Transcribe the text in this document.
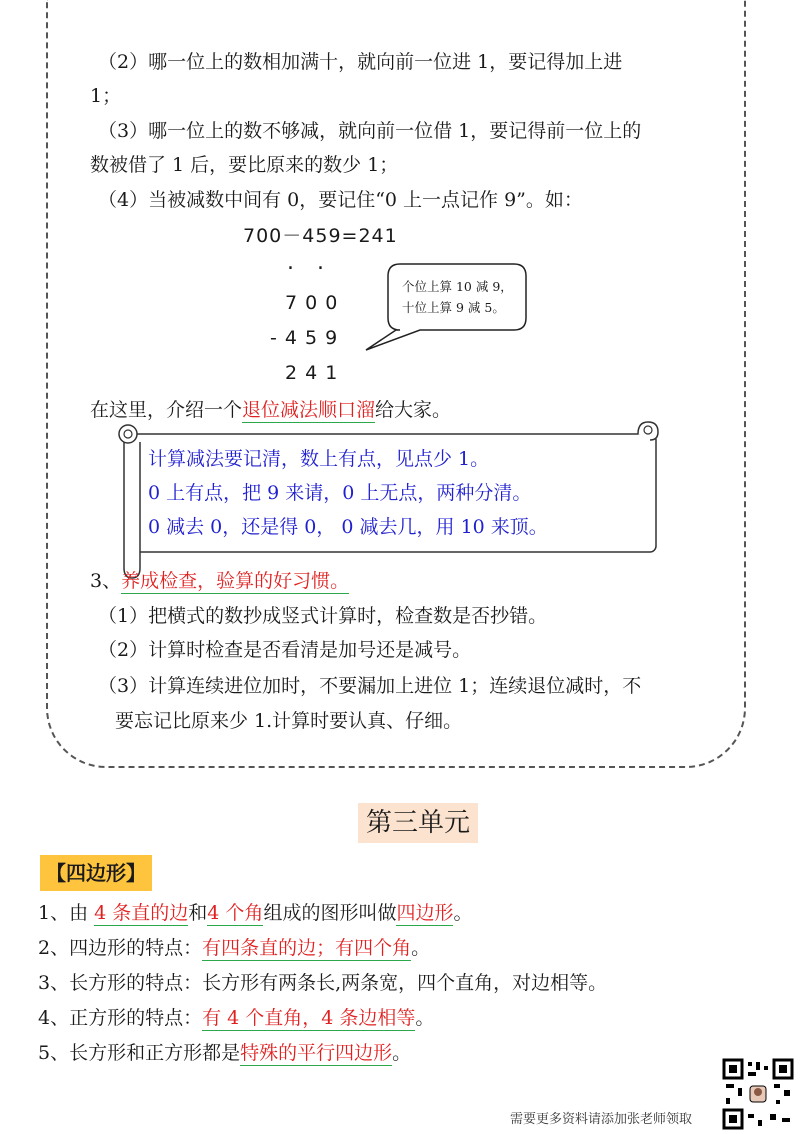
（2）哪一位上的数相加满十，就向前一位进 1，要记得加上进
1；
（3）哪一位上的数不够减，就向前一位借 1，要记得前一位上的
数被借了 1 后，要比原来的数少 1；
（4）当被减数中间有 0，要记住“0 上一点记作 9”。如：
700－459=241
. .
7 0 0
- 4 5 9
2 4 1
个位上算 10 减 9，
十位上算 9 减 5。
在这里，介绍一个退位减法顺口溜给大家。
计算减法要记清，数上有点，见点少 1。
0 上有点，把 9 来请，0 上无点，两种分清。
0 减去 0，还是得 0， 0 减去几，用 10 来顶。
3、养成检查，验算的好习惯。
（1）把横式的数抄成竖式计算时，检查数是否抄错。
（2）计算时检查是否看清是加号还是减号。
（3）计算连续进位加时，不要漏加上进位 1；连续退位减时，不
要忘记比原来少 1.计算时要认真、仔细。
第三单元
【四边形】
1、由 4 条直的边和4 个角组成的图形叫做四边形。
2、四边形的特点：有四条直的边；有四个角。
3、长方形的特点：长方形有两条长,两条宽，四个直角，对边相等。
4、正方形的特点：有 4 个直角，4 条边相等。
5、长方形和正方形都是特殊的平行四边形。
需要更多资料请添加张老师领取
